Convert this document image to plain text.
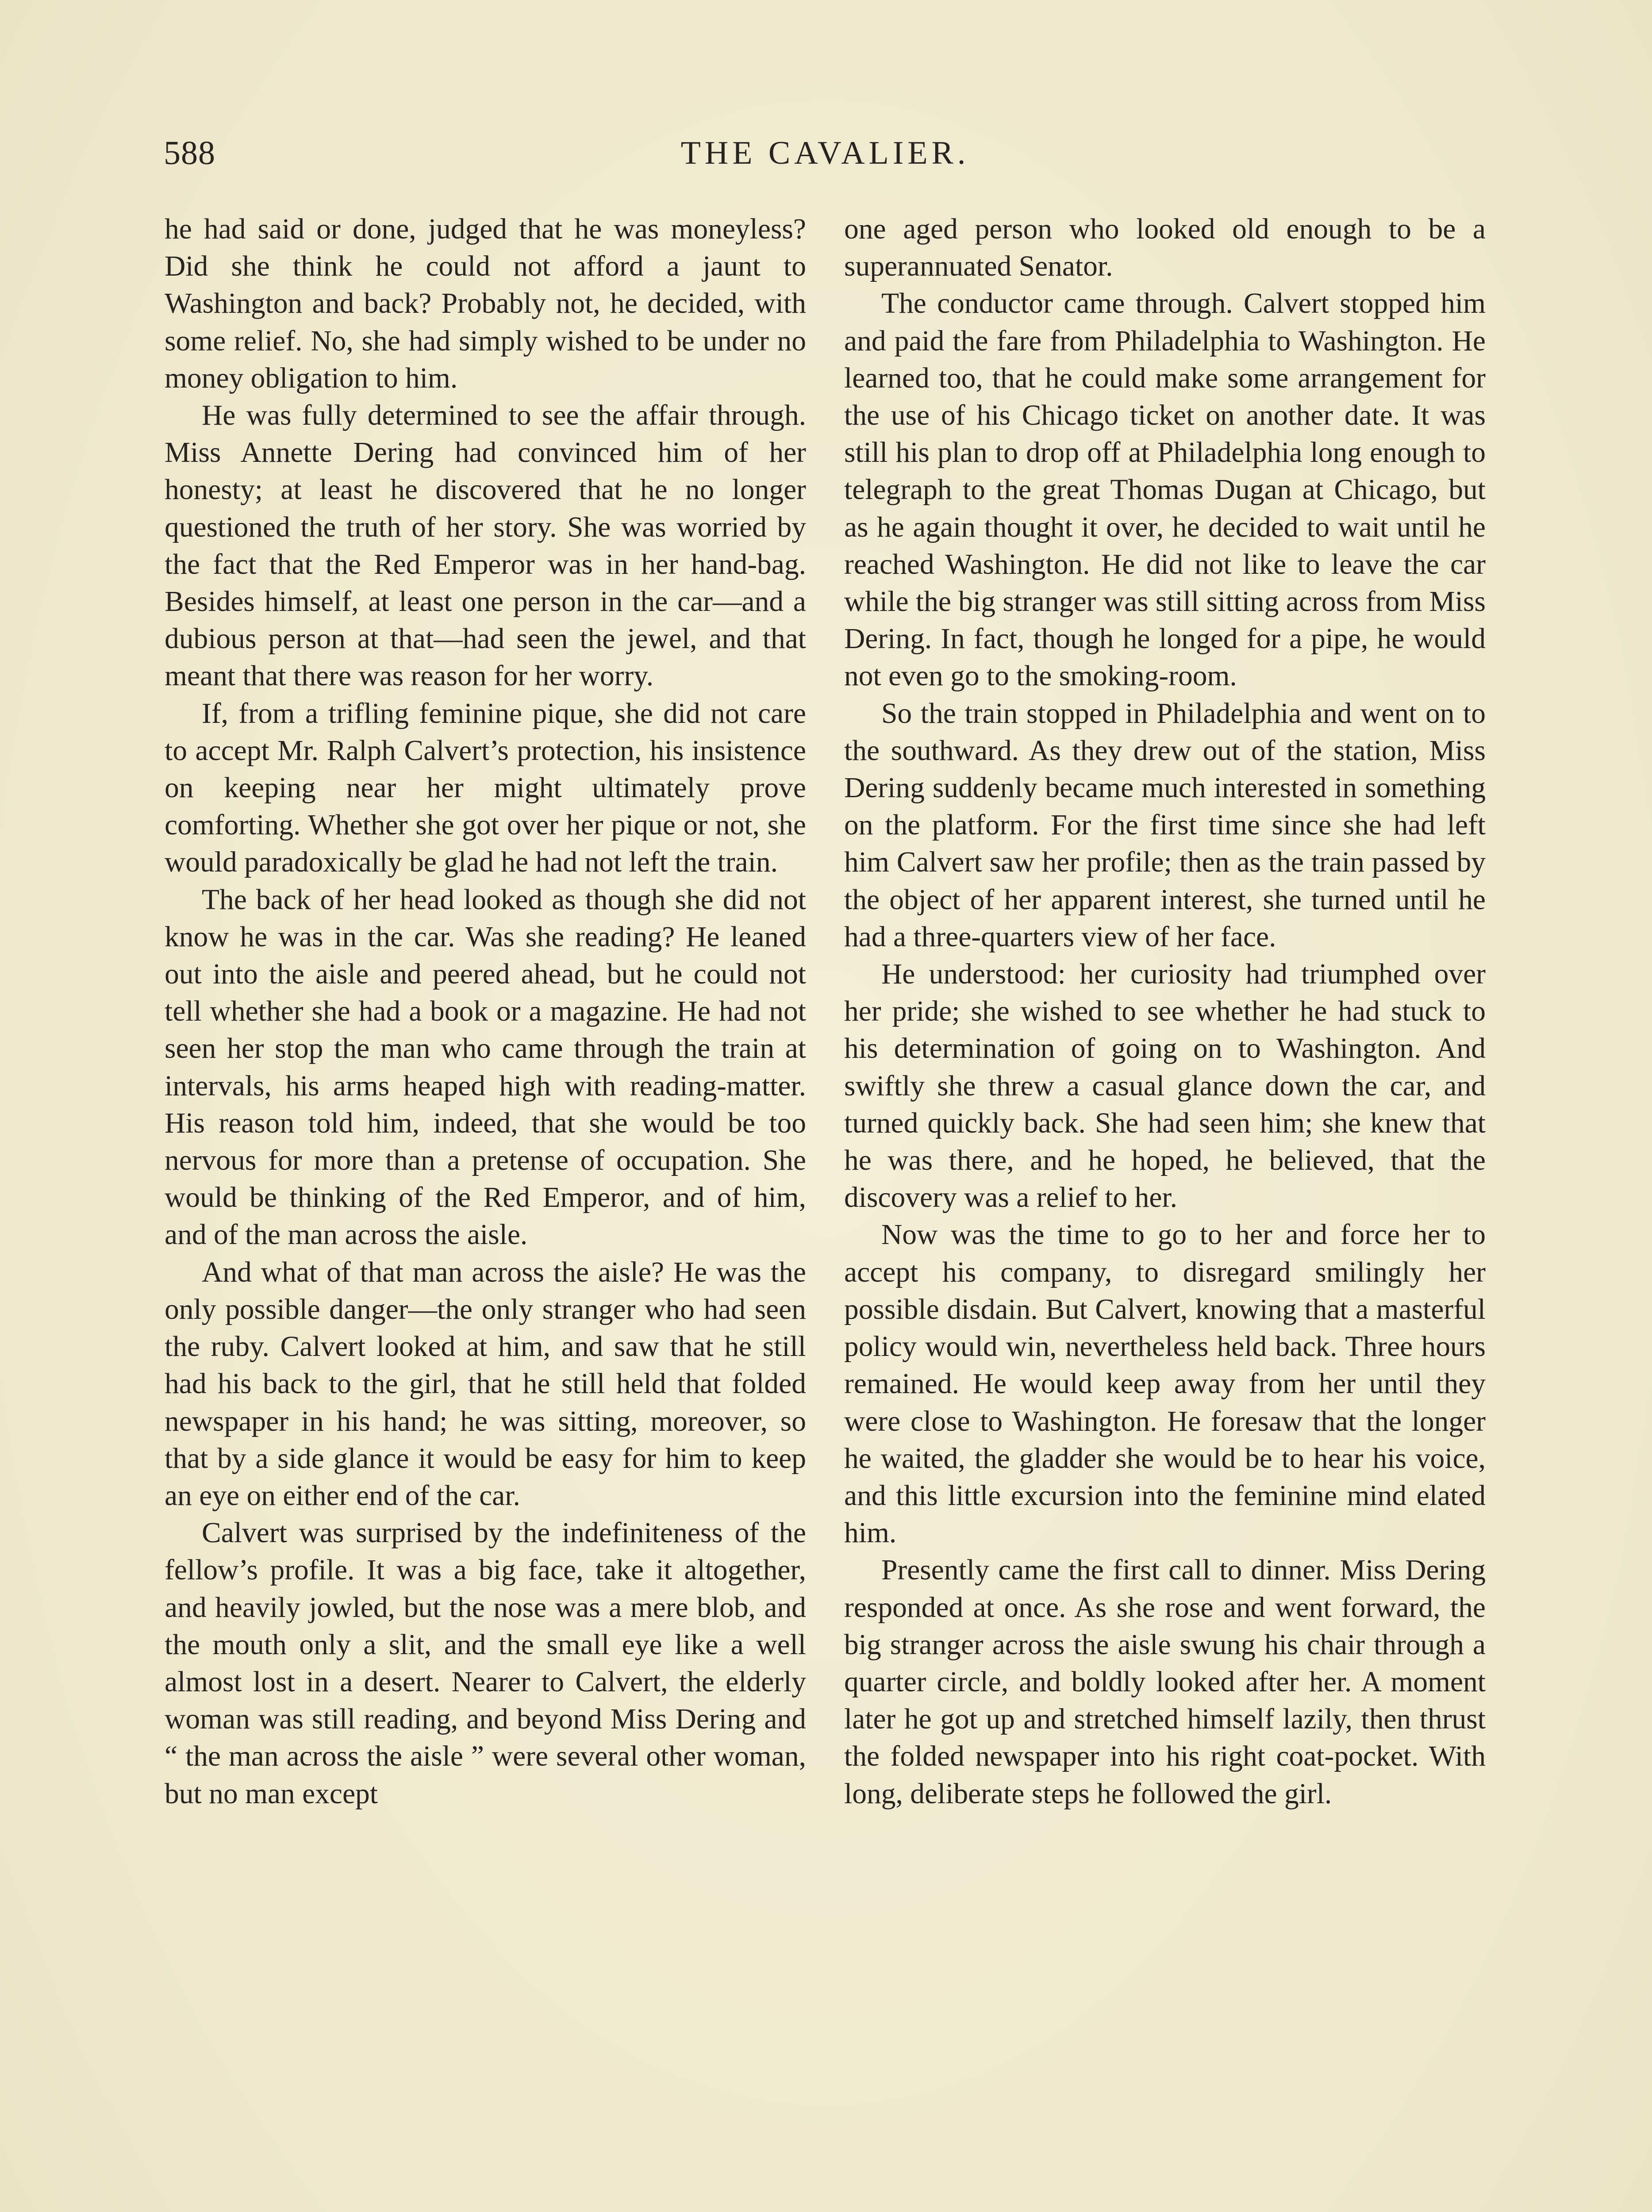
588	THE CAVALIER.

he had said or done, judged that he was moneyless? Did she think he could not afford a jaunt to Washington and back? Probably not, he decided, with some relief. No, she had simply wished to be under no money obligation to him.

He was fully determined to see the affair through. Miss Annette Dering had convinced him of her honesty; at least he discovered that he no longer questioned the truth of her story. She was worried by the fact that the Red Emperor was in her hand-bag. Besides himself, at least one person in the car—and a dubious person at that—had seen the jewel, and that meant that there was reason for her worry.

If, from a trifling feminine pique, she did not care to accept Mr. Ralph Calvert’s protection, his insistence on keeping near her might ultimately prove comforting. Whether she got over her pique or not, she would paradoxically be glad he had not left the train.

The back of her head looked as though she did not know he was in the car. Was she reading? He leaned out into the aisle and peered ahead, but he could not tell whether she had a book or a magazine. He had not seen her stop the man who came through the train at intervals, his arms heaped high with reading-matter. His reason told him, indeed, that she would be too nervous for more than a pretense of occupation. She would be thinking of the Red Emperor, and of him, and of the man across the aisle.

And what of that man across the aisle? He was the only possible danger—the only stranger who had seen the ruby. Calvert looked at him, and saw that he still had his back to the girl, that he still held that folded newspaper in his hand; he was sitting, moreover, so that by a side glance it would be easy for him to keep an eye on either end of the car.

Calvert was surprised by the indefiniteness of the fellow’s profile. It was a big face, take it altogether, and heavily jowled, but the nose was a mere blob, and the mouth only a slit, and the small eye like a well almost lost in a desert. Nearer to Calvert, the elderly woman was still reading, and beyond Miss Dering and “ the man across the aisle ” were several other woman, but no man except

one aged person who looked old enough to be a superannuated Senator.

The conductor came through. Calvert stopped him and paid the fare from Philadelphia to Washington. He learned too, that he could make some arrangement for the use of his Chicago ticket on another date. It was still his plan to drop off at Philadelphia long enough to telegraph to the great Thomas Dugan at Chicago, but as he again thought it over, he decided to wait until he reached Washington. He did not like to leave the car while the big stranger was still sitting across from Miss Dering. In fact, though he longed for a pipe, he would not even go to the smoking-room.

So the train stopped in Philadelphia and went on to the southward. As they drew out of the station, Miss Dering suddenly became much interested in something on the platform. For the first time since she had left him Calvert saw her profile; then as the train passed by the object of her apparent interest, she turned until he had a three-quarters view of her face.

He understood: her curiosity had triumphed over her pride; she wished to see whether he had stuck to his determination of going on to Washington. And swiftly she threw a casual glance down the car, and turned quickly back. She had seen him; she knew that he was there, and he hoped, he believed, that the discovery was a relief to her.

Now was the time to go to her and force her to accept his company, to disregard smilingly her possible disdain. But Calvert, knowing that a masterful policy would win, nevertheless held back. Three hours remained. He would keep away from her until they were close to Washington. He foresaw that the longer he waited, the gladder she would be to hear his voice, and this little excursion into the feminine mind elated him.

Presently came the first call to dinner. Miss Dering responded at once. As she rose and went forward, the big stranger across the aisle swung his chair through a quarter circle, and boldly looked after her. A moment later he got up and stretched himself lazily, then thrust the folded newspaper into his right coat-pocket. With long, deliberate steps he followed the girl.
